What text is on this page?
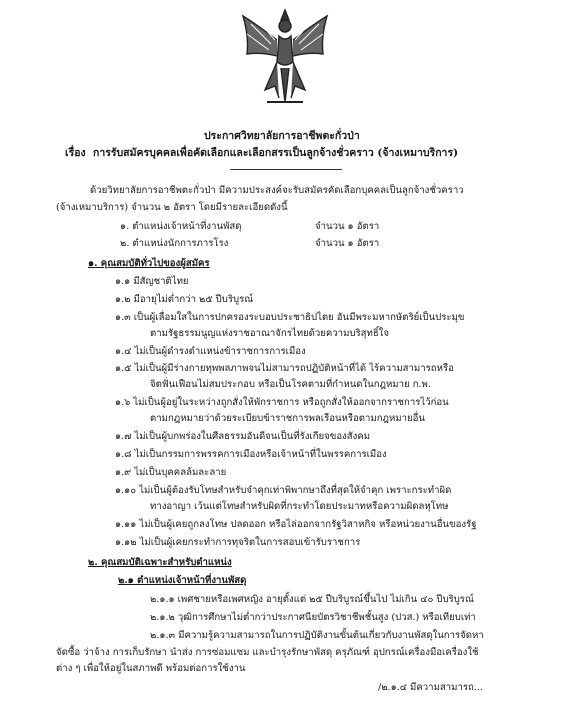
ประกาศวิทยาลัยการอาชีพตะกั่วป่า
เรื่อง การรับสมัครบุคคลเพื่อคัดเลือกและเลือกสรรเป็นลูกจ้างชั่วคราว (จ้างเหมาบริการ)
ด้วยวิทยาลัยการอาชีพตะกั่วป่า มีความประสงค์จะรับสมัครคัดเลือกบุคคลเป็นลูกจ้างชั่วคราว
(จ้างเหมาบริการ) จำนวน ๒ อัตรา โดยมีรายละเอียดดังนี้
๑. ตำแหน่งเจ้าหน้าที่งานพัสดุ	จำนวน ๑ อัตรา
๒. ตำแหน่งนักการภารโรง	จำนวน ๑ อัตรา
๑. คุณสมบัติทั่วไปของผู้สมัคร
๑.๑ มีสัญชาติไทย
๑.๒ มีอายุไม่ต่ำกว่า ๒๕ ปีบริบูรณ์
๑.๓ เป็นผู้เลื่อมใสในการปกครองระบอบประชาธิปไตย อันมีพระมหากษัตริย์เป็นประมุข
ตามรัฐธรรมนูญแห่งราชอาณาจักรไทยด้วยความบริสุทธิ์ใจ
๑.๔ ไม่เป็นผู้ดำรงตำแหน่งข้าราชการการเมือง
๑.๕ ไม่เป็นผู้มีร่างกายทุพพลภาพจนไม่สามารถปฏิบัติหน้าที่ได้ ไร้ความสามารถหรือ
จิตฟั่นเฟือนไม่สมประกอบ หรือเป็นโรคตามที่กำหนดในกฎหมาย ก.พ.
๑.๖ ไม่เป็นผู้อยู่ในระหว่างถูกสั่งให้พักราชการ หรือถูกสั่งให้ออกจากราชการไว้ก่อน
ตามกฎหมายว่าด้วยระเบียบข้าราชการพลเรือนหรือตามกฎหมายอื่น
๑.๗ ไม่เป็นผู้บกพร่องในศีลธรรมอันดีจนเป็นที่รังเกียจของสังคม
๑.๘ ไม่เป็นกรรมการพรรคการเมืองหรือเจ้าหน้าที่ในพรรคการเมือง
๑.๙ ไม่เป็นบุคคลล้มละลาย
๑.๑๐ ไม่เป็นผู้ต้องรับโทษสำหรับจำคุกเท่าพิพากษาถึงที่สุดให้จำคุก เพราะกระทำผิด
ทางอาญา เว้นแต่โทษสำหรับผิดที่กระทำโดยประมาทหรือความผิดลหุโทษ
๑.๑๑ ไม่เป็นผู้เคยถูกลงโทษ ปลดออก หรือไล่ออกจากรัฐวิสาหกิจ หรือหน่วยงานอื่นของรัฐ
๑.๑๒ ไม่เป็นผู้เคยกระทำการทุจริตในการสอบเข้ารับราชการ
๒. คุณสมบัติเฉพาะสำหรับตำแหน่ง
๒.๑ ตำแหน่งเจ้าหน้าที่งานพัสดุ
๒.๑.๑ เพศชายหรือเพศหญิง อายุตั้งแต่ ๒๕ ปีบริบูรณ์ขึ้นไป ไม่เกิน ๔๐ ปีบริบูรณ์
๒.๑.๒ วุฒิการศึกษาไม่ต่ำกว่าประกาศนียบัตรวิชาชีพชั้นสูง (ปวส.) หรือเทียบเท่า
๒.๑.๓ มีความรู้ความสามารถในการปฏิบัติงานขั้นต้นเกี่ยวกับงานพัสดุในการจัดหา
จัดซื้อ ว่าจ้าง การเก็บรักษา นำส่ง การซ่อมแซม และบำรุงรักษาพัสดุ ครุภัณฑ์ อุปกรณ์เครื่องมือเครื่องใช้
ต่าง ๆ เพื่อให้อยู่ในสภาพดี พร้อมต่อการใช้งาน
/๒.๑.๔ มีความสามารถ...
